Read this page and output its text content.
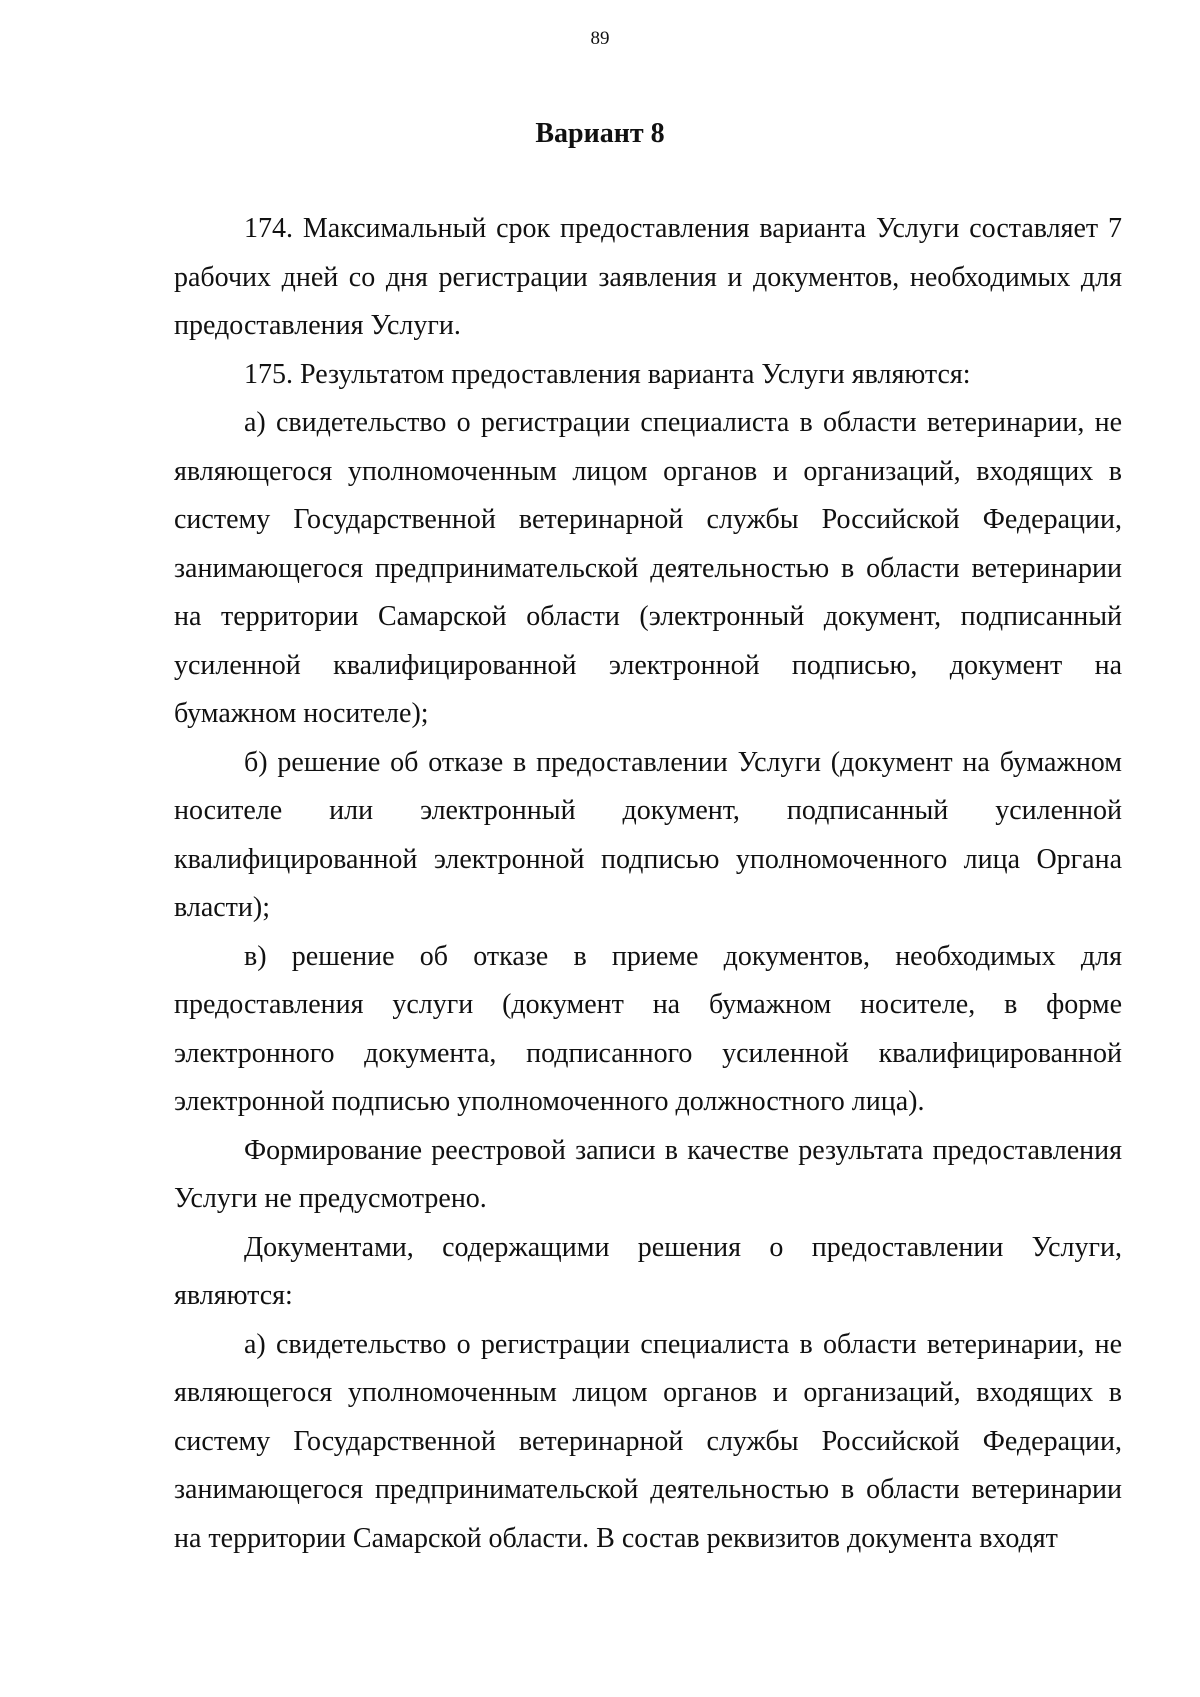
89
Вариант 8

174. Максимальный срок предоставления варианта Услуги составляет 7 рабочих дней со дня регистрации заявления и документов, необходимых для предоставления Услуги.

175. Результатом предоставления варианта Услуги являются:

а) свидетельство о регистрации специалиста в области ветеринарии, не являющегося уполномоченным лицом органов и организаций, входящих в систему Государственной ветеринарной службы Российской Федерации, занимающегося предпринимательской деятельностью в области ветеринарии на территории Самарской области (электронный документ, подписанный усиленной квалифицированной электронной подписью, документ на бумажном носителе);

б) решение об отказе в предоставлении Услуги (документ на бумажном носителе или электронный документ, подписанный усиленной квалифицированной электронной подписью уполномоченного лица Органа власти);

в) решение об отказе в приеме документов, необходимых для предоставления услуги (документ на бумажном носителе, в форме электронного документа, подписанного усиленной квалифицированной электронной подписью уполномоченного должностного лица).

Формирование реестровой записи в качестве результата предоставления Услуги не предусмотрено.

Документами, содержащими решения о предоставлении Услуги, являются:

а) свидетельство о регистрации специалиста в области ветеринарии, не являющегося уполномоченным лицом органов и организаций, входящих в систему Государственной ветеринарной службы Российской Федерации, занимающегося предпринимательской деятельностью в области ветеринарии на территории Самарской области. В состав реквизитов документа входят
